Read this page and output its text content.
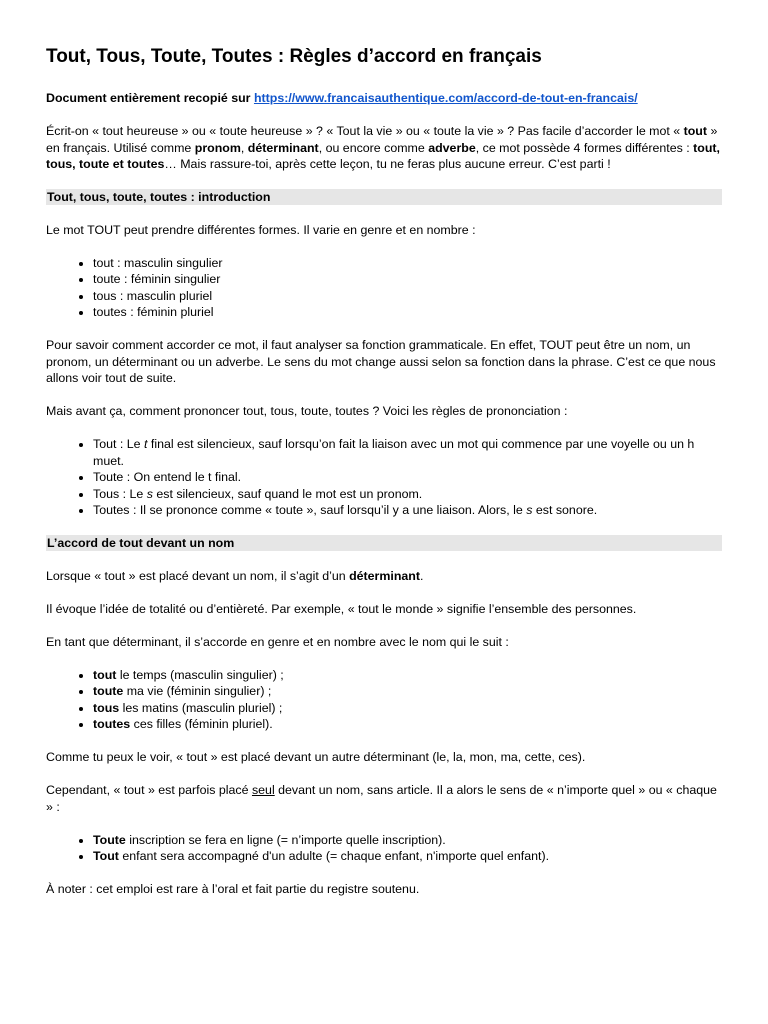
Tout, Tous, Toute, Toutes : Règles d’accord en français

Document entièrement recopié sur https://www.francaisauthentique.com/accord-de-tout-en-francais/

Écrit-on « tout heureuse » ou « toute heureuse » ? « Tout la vie » ou « toute la vie » ? Pas facile d’accorder le mot « tout » en français. Utilisé comme pronom, déterminant, ou encore comme adverbe, ce mot possède 4 formes différentes : tout, tous, toute et toutes… Mais rassure-toi, après cette leçon, tu ne feras plus aucune erreur. C’est parti !

Tout, tous, toute, toutes : introduction

Le mot TOUT peut prendre différentes formes. Il varie en genre et en nombre :

• tout : masculin singulier
• toute : féminin singulier
• tous : masculin pluriel
• toutes : féminin pluriel

Pour savoir comment accorder ce mot, il faut analyser sa fonction grammaticale. En effet, TOUT peut être un nom, un pronom, un déterminant ou un adverbe. Le sens du mot change aussi selon sa fonction dans la phrase. C’est ce que nous allons voir tout de suite.

Mais avant ça, comment prononcer tout, tous, toute, toutes ? Voici les règles de prononciation :

• Tout : Le t final est silencieux, sauf lorsqu’on fait la liaison avec un mot qui commence par une voyelle ou un h muet.
• Toute : On entend le t final.
• Tous : Le s est silencieux, sauf quand le mot est un pronom.
• Toutes : Il se prononce comme « toute », sauf lorsqu’il y a une liaison. Alors, le s est sonore.
L’accord de tout devant un nom

Lorsque « tout » est placé devant un nom, il s’agit d’un déterminant.

Il évoque l’idée de totalité ou d’entièreté. Par exemple, « tout le monde » signifie l’ensemble des personnes.

En tant que déterminant, il s’accorde en genre et en nombre avec le nom qui le suit :

• tout le temps (masculin singulier) ;
• toute ma vie (féminin singulier) ;
• tous les matins (masculin pluriel) ;
• toutes ces filles (féminin pluriel).

Comme tu peux le voir, « tout » est placé devant un autre déterminant (le, la, mon, ma, cette, ces).

Cependant, « tout » est parfois placé seul devant un nom, sans article. Il a alors le sens de « n’importe quel » ou « chaque » :

• Toute inscription se fera en ligne (= n’importe quelle inscription).
• Tout enfant sera accompagné d'un adulte (= chaque enfant, n'importe quel enfant).

À noter : cet emploi est rare à l’oral et fait partie du registre soutenu.
